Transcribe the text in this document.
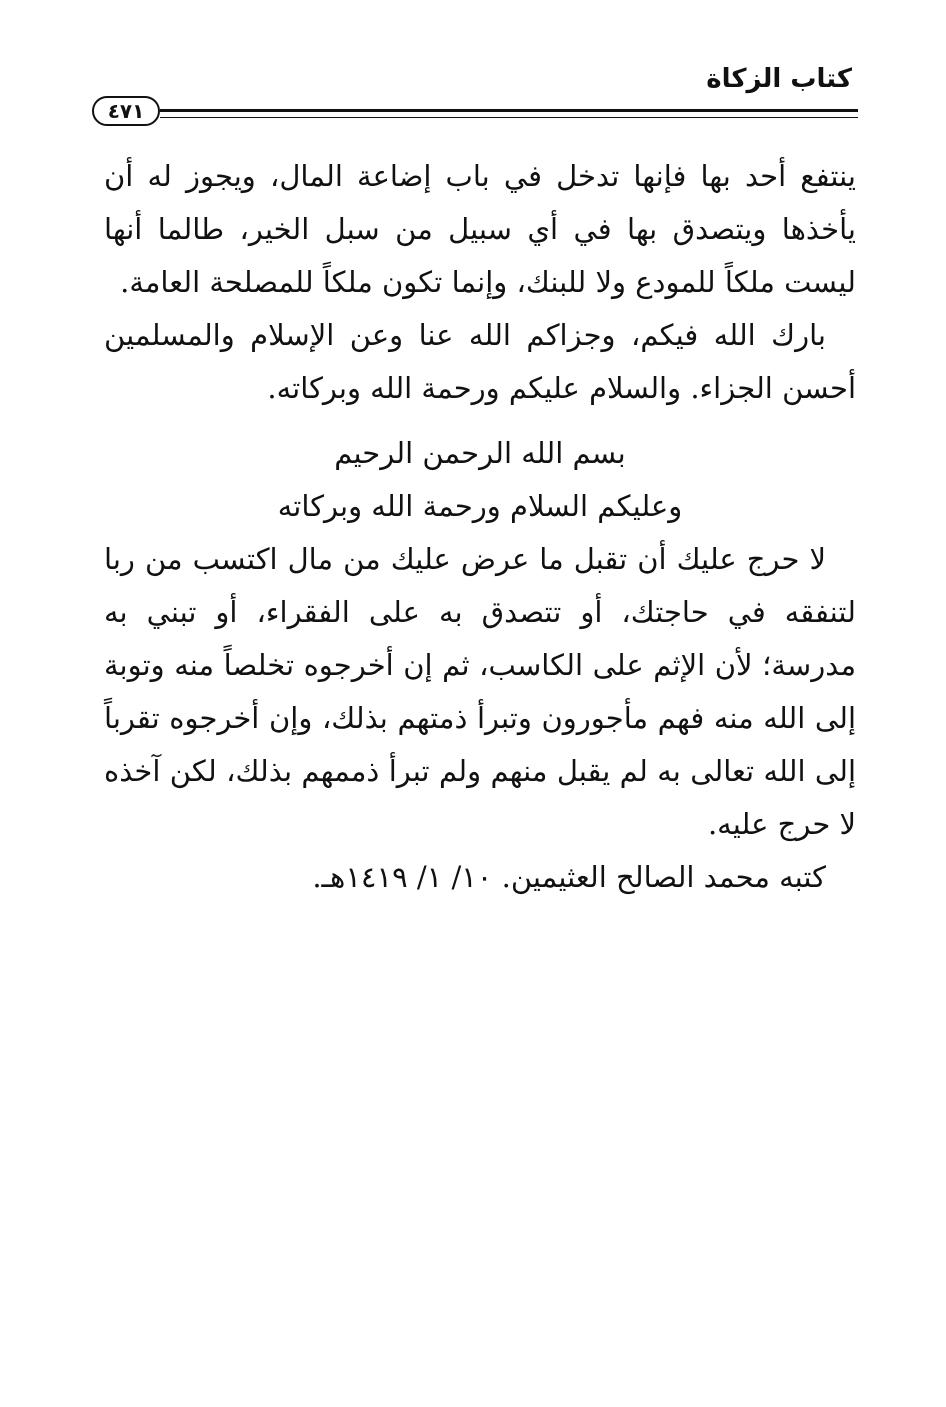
كتاب الزكاة
٤٧١

ينتفع أحد بها فإنها تدخل في باب إضاعة المال، ويجوز له أن يأخذها ويتصدق بها في أي سبيل من سبل الخير، طالما أنها ليست ملكاً للمودع ولا للبنك، وإنما تكون ملكاً للمصلحة العامة.

بارك الله فيكم، وجزاكم الله عنا وعن الإسلام والمسلمين أحسن الجزاء. والسلام عليكم ورحمة الله وبركاته.

بسم الله الرحمن الرحيم

وعليكم السلام ورحمة الله وبركاته

لا حرج عليك أن تقبل ما عرض عليك من مال اكتسب من ربا لتنفقه في حاجتك، أو تتصدق به على الفقراء، أو تبني به مدرسة؛ لأن الإثم على الكاسب، ثم إن أخرجوه تخلصاً منه وتوبة إلى الله منه فهم مأجورون وتبرأ ذمتهم بذلك، وإن أخرجوه تقرباً إلى الله تعالى به لم يقبل منهم ولم تبرأ ذممهم بذلك، لكن آخذه لا حرج عليه.

كتبه محمد الصالح العثيمين. ١٠/ ١/ ١٤١٩هـ.
